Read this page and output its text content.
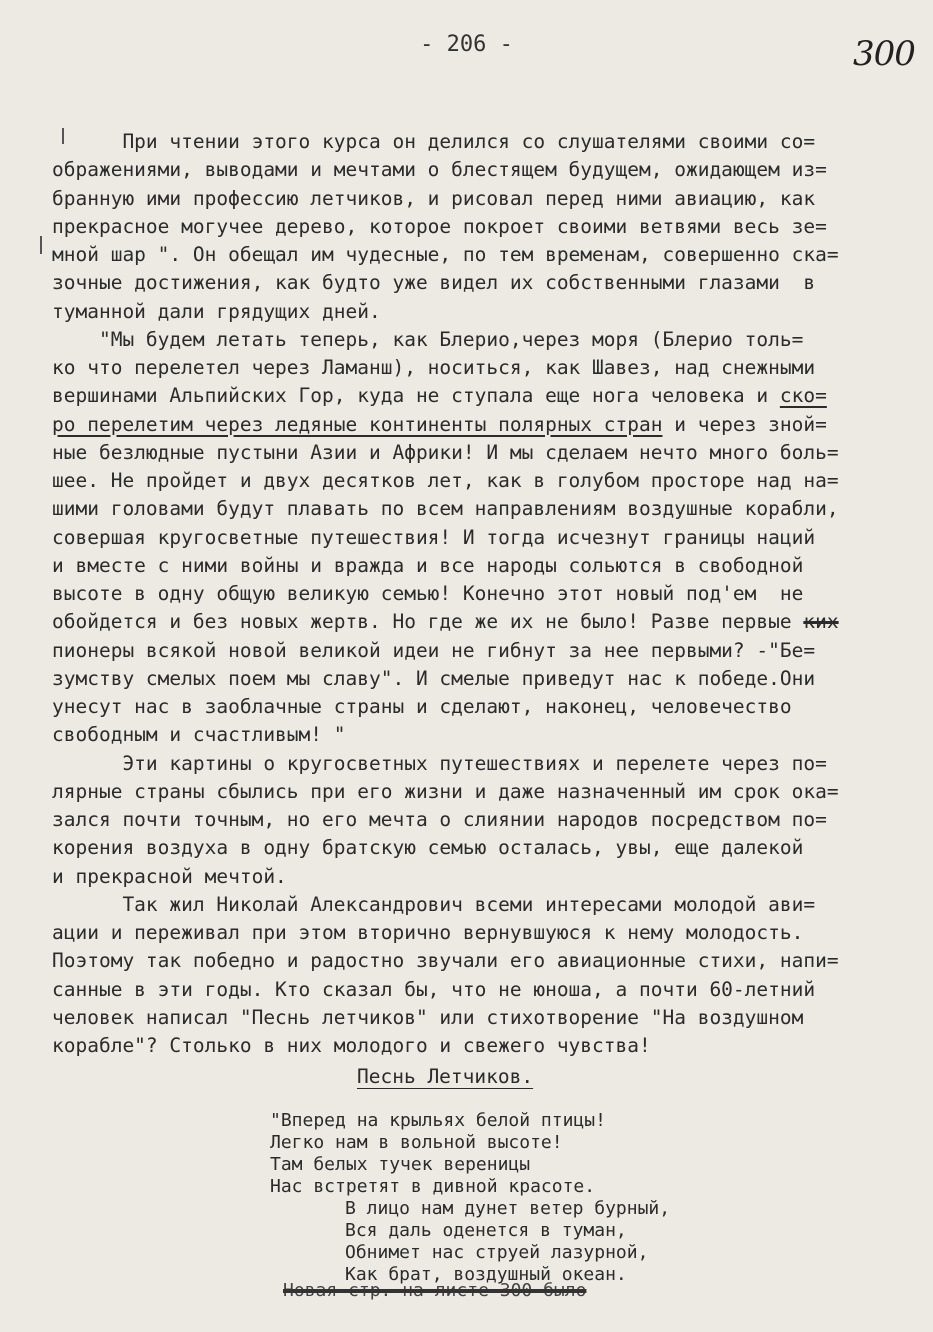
- 206 -	300
При чтении этого курса он делился со слушателями своими со=
ображениями, выводами и мечтами о блестящем будущем, ожидающем из=
бранную ими профессию летчиков, и рисовал перед ними авиацию, как
прекрасное могучее дерево, которое покроет своими ветвями весь зе=
мной шар ". Он обещал им чудесные, по тем временам, совершенно ска=
зочные достижения, как будто уже видел их собственными глазами  в
туманной дали грядущих дней.
"Мы будем летать теперь, как Блерио,через моря (Блерио толь=
ко что перелетел через Ламанш), носиться, как Шавез, над снежными
вершинами Альпийских Гор, куда не ступала еще нога человека и ско=
ро перелетим через ледяные континенты полярных стран и через зной=
ные безлюдные пустыни Азии и Африки! И мы сделаем нечто много боль=
шее. Не пройдет и двух десятков лет, как в голубом просторе над на=
шими головами будут плавать по всем направлениям воздушные корабли,
совершая кругосветные путешествия! И тогда исчезнут границы наций
и вместе с ними войны и вражда и все народы сольются в свободной
высоте в одну общую великую семью! Конечно этот новый под'ем  не
обойдется и без новых жертв. Но где же их не было! Разве первые ких
пионеры всякой новой великой идеи не гибнут за нее первыми? -"Бе=
зумству смелых поем мы славу". И смелые приведут нас к победе.Они
унесут нас в заоблачные страны и сделают, наконец, человечество
свободным и счастливым! "
Эти картины о кругосветных путешествиях и перелете через по=
лярные страны сбылись при его жизни и даже назначенный им срок ока=
зался почти точным, но его мечта о слиянии народов посредством по=
корения воздуха в одну братскую семью осталась, увы, еще далекой
и прекрасной мечтой.
Так жил Николай Александрович всеми интересами молодой ави=
ации и переживал при этом вторично вернувшуюся к нему молодость.
Поэтому так победно и радостно звучали его авиационные стихи, напи=
санные в эти годы. Кто сказал бы, что не юноша, а почти 60-летний
человек написал "Песнь летчиков" или стихотворение "На воздушном
корабле"? Столько в них молодого и свежего чувства!
Песнь Летчиков.
"Вперед на крыльях белой птицы!
Легко нам в вольной высоте!
Там белых тучек вереницы
Нас встретят в дивной красоте.
В лицо нам дунет ветер бурный,
Вся даль оденется в туман,
Обнимет нас струей лазурной,
Как брат, воздушный океан.
Новая стр. на листе 300 было
